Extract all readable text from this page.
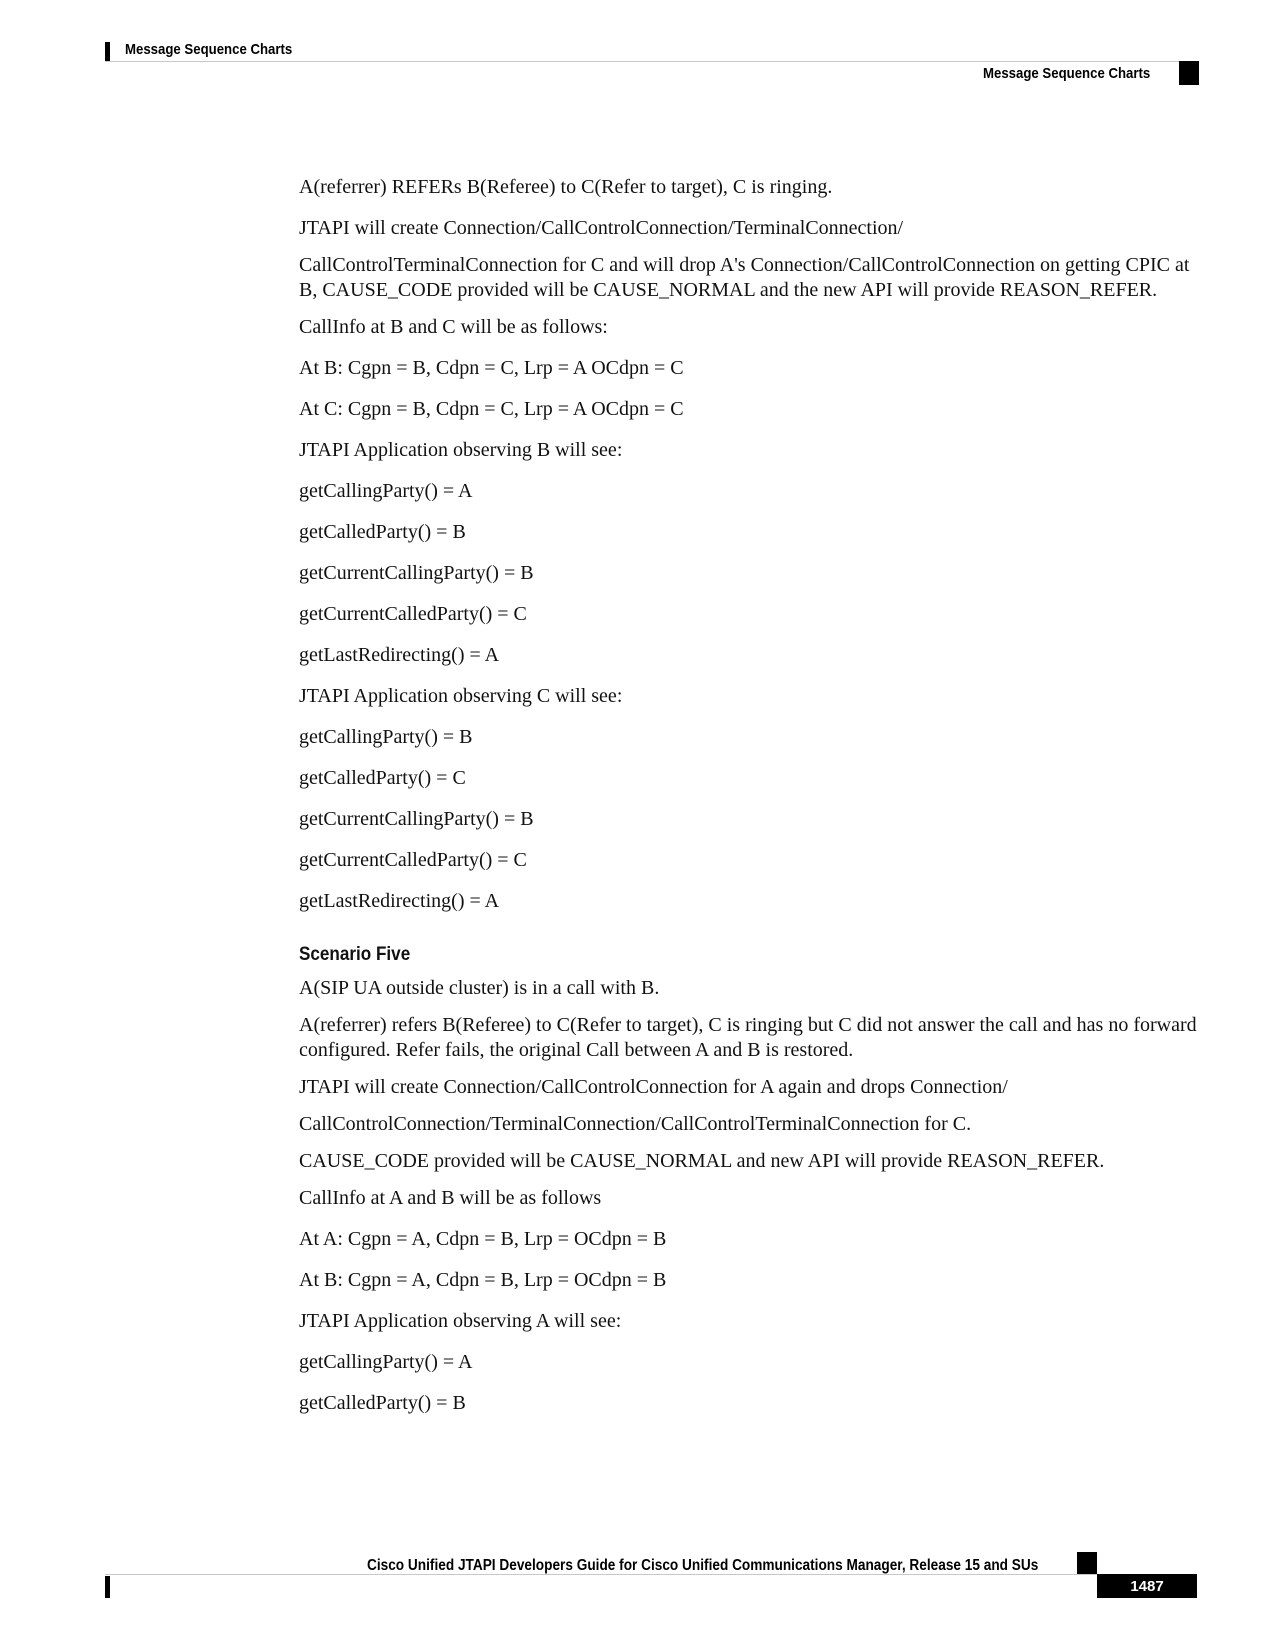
Message Sequence Charts
Message Sequence Charts

A(referrer) REFERs B(Referee) to C(Refer to target), C is ringing.

JTAPI will create Connection/CallControlConnection/TerminalConnection/

CallControlTerminalConnection for C and will drop A's Connection/CallControlConnection on getting CPIC at B, CAUSE_CODE provided will be CAUSE_NORMAL and the new API will provide REASON_REFER.

CallInfo at B and C will be as follows:

At B: Cgpn = B, Cdpn = C, Lrp = A OCdpn = C

At C: Cgpn = B, Cdpn = C, Lrp = A OCdpn = C

JTAPI Application observing B will see:

getCallingParty() = A

getCalledParty() = B

getCurrentCallingParty() = B

getCurrentCalledParty() = C

getLastRedirecting() = A

JTAPI Application observing C will see:

getCallingParty() = B

getCalledParty() = C

getCurrentCallingParty() = B

getCurrentCalledParty() = C

getLastRedirecting() = A

Scenario Five

A(SIP UA outside cluster) is in a call with B.

A(referrer) refers B(Referee) to C(Refer to target), C is ringing but C did not answer the call and has no forward configured. Refer fails, the original Call between A and B is restored.

JTAPI will create Connection/CallControlConnection for A again and drops Connection/

CallControlConnection/TerminalConnection/CallControlTerminalConnection for C.

CAUSE_CODE provided will be CAUSE_NORMAL and new API will provide REASON_REFER.

CallInfo at A and B will be as follows

At A: Cgpn = A, Cdpn = B, Lrp = OCdpn = B

At B: Cgpn = A, Cdpn = B, Lrp = OCdpn = B

JTAPI Application observing A will see:

getCallingParty() = A

getCalledParty() = B

Cisco Unified JTAPI Developers Guide for Cisco Unified Communications Manager, Release 15 and SUs
1487
